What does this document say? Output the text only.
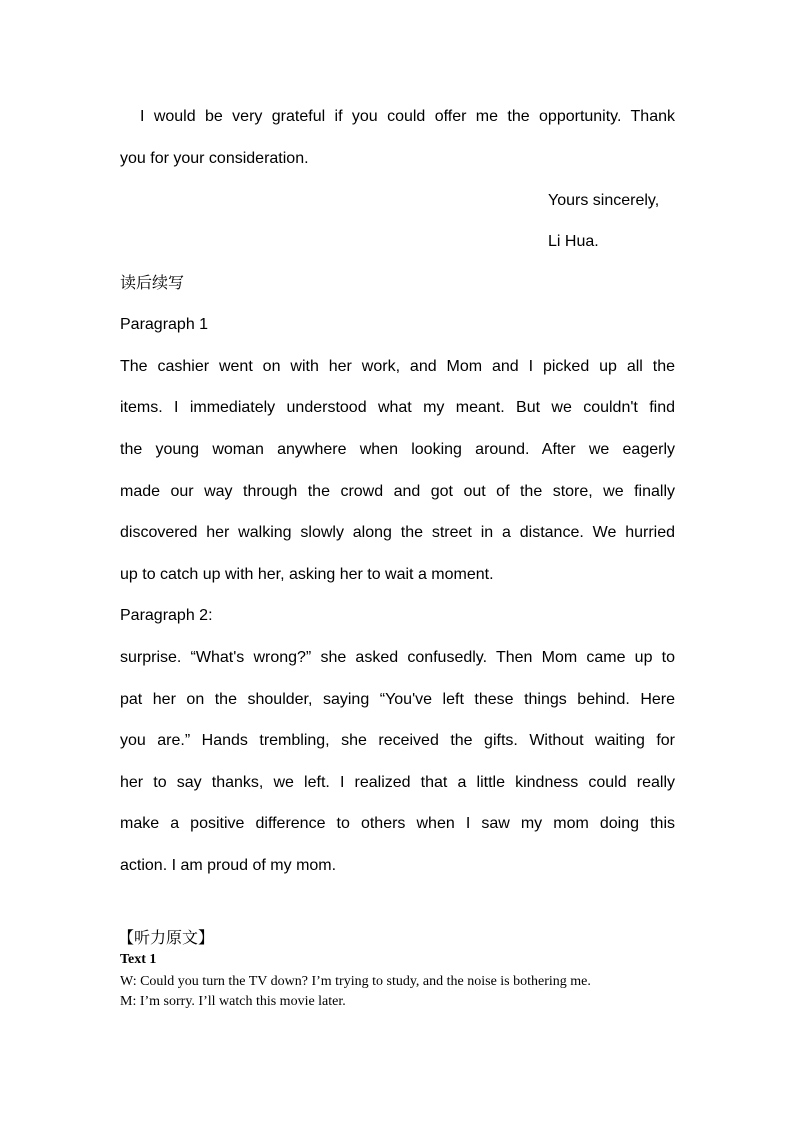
I would be very grateful if you could offer me the opportunity. Thank
you for your consideration.
Yours sincerely,
Li Hua.
读后续写
Paragraph 1
The cashier went on with her work, and Mom and I picked up all the
items. I immediately understood what my meant. But we couldn't find
the young woman anywhere when looking around. After we eagerly
made our way through the crowd and got out of the store, we finally
discovered her walking slowly along the street in a distance. We hurried
up to catch up with her, asking her to wait a moment.
Paragraph 2:
surprise. “What's wrong?” she asked confusedly. Then Mom came up to
pat her on the shoulder, saying “You've left these things behind. Here
you are.” Hands trembling, she received the gifts. Without waiting for
her to say thanks, we left. I realized that a little kindness could really
make a positive difference to others when I saw my mom doing this
action. I am proud of my mom.
【听力原文】
Text 1
W: Could you turn the TV down? I’m trying to study, and the noise is bothering me.
M: I’m sorry. I’ll watch this movie later.
